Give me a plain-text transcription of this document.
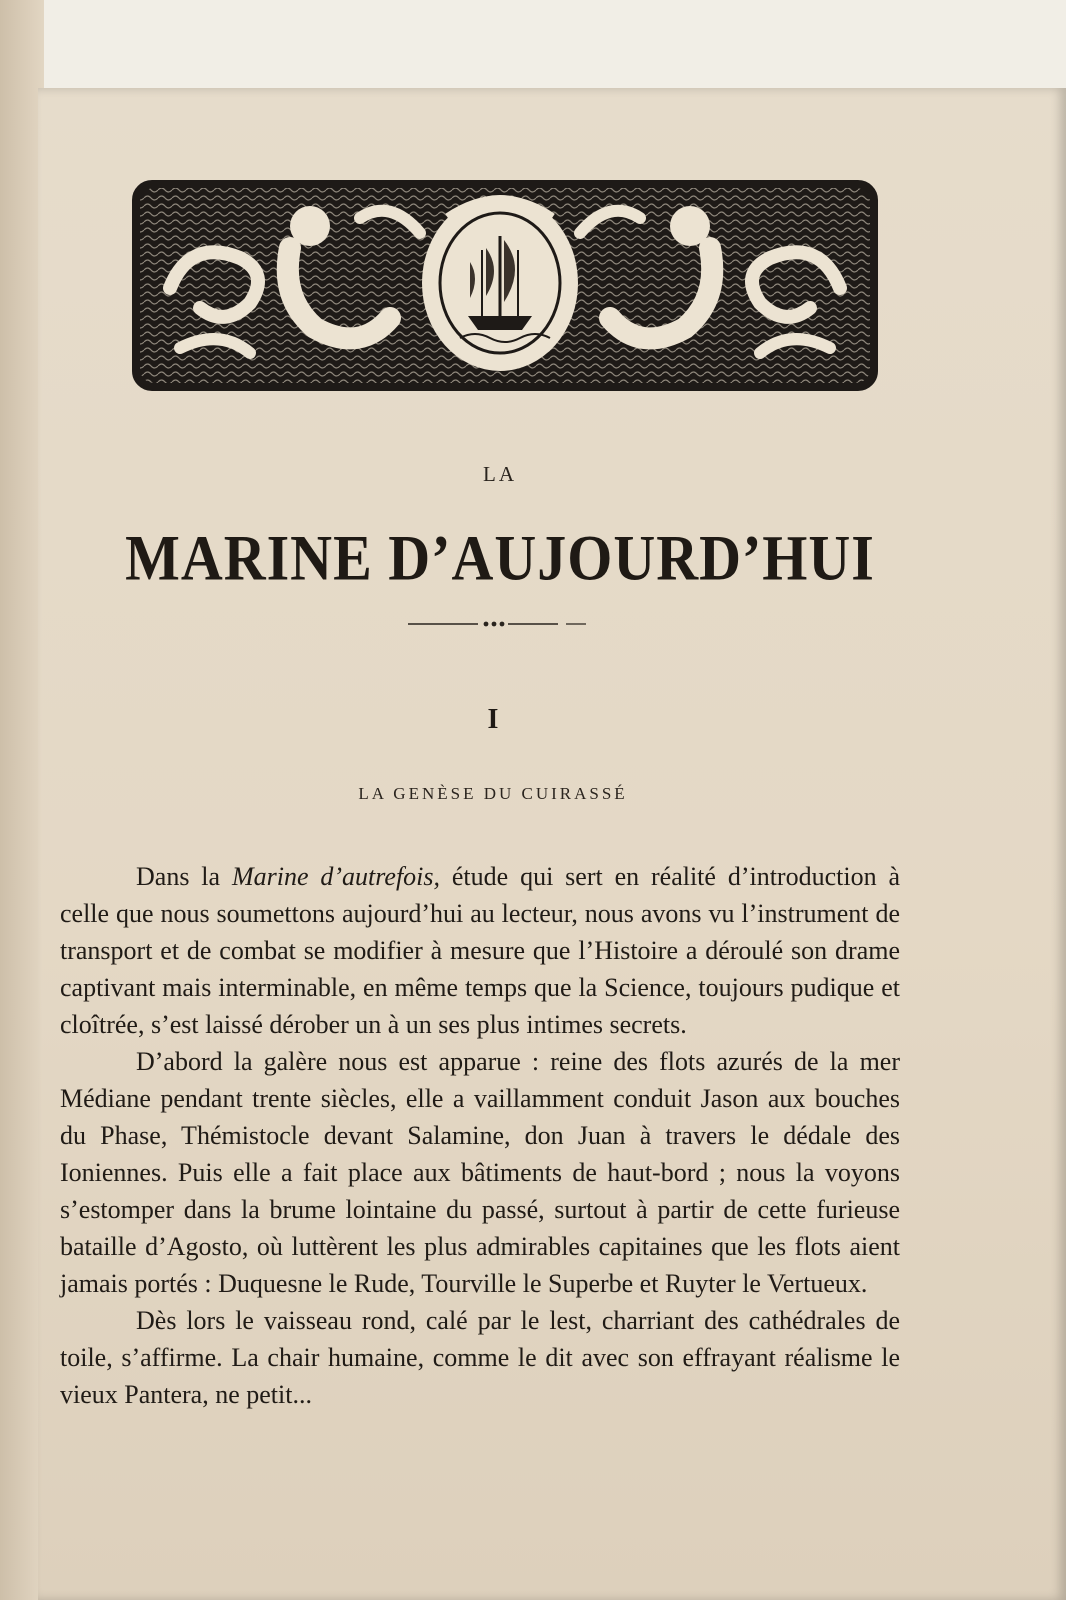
LA
MARINE D’AUJOURD’HUI
I
LA GENÈSE DU CUIRASSÉ

Dans la Marine d’autrefois, étude qui sert en réalité d’introduction à celle que nous soumettons aujourd’hui au lecteur, nous avons vu l’instrument de transport et de combat se modifier à mesure que l’Histoire a déroulé son drame captivant mais interminable, en même temps que la Science, toujours pudique et cloîtrée, s’est laissé dérober un à un ses plus intimes secrets.

D’abord la galère nous est apparue : reine des flots azurés de la mer Médiane pendant trente siècles, elle a vaillamment conduit Jason aux bouches du Phase, Thémistocle devant Salamine, don Juan à travers le dédale des Ioniennes. Puis elle a fait place aux bâtiments de haut-bord ; nous la voyons s’estomper dans la brume lointaine du passé, surtout à partir de cette furieuse bataille d’Agosto, où luttèrent les plus admirables capitaines que les flots aient jamais portés : Duquesne le Rude, Tourville le Superbe et Ruyter le Vertueux.

Dès lors le vaisseau rond, calé par le lest, charriant des cathédrales de toile, s’affirme. La chair humaine, comme le dit avec son effrayant réalisme le vieux Pantera, ne petit...
